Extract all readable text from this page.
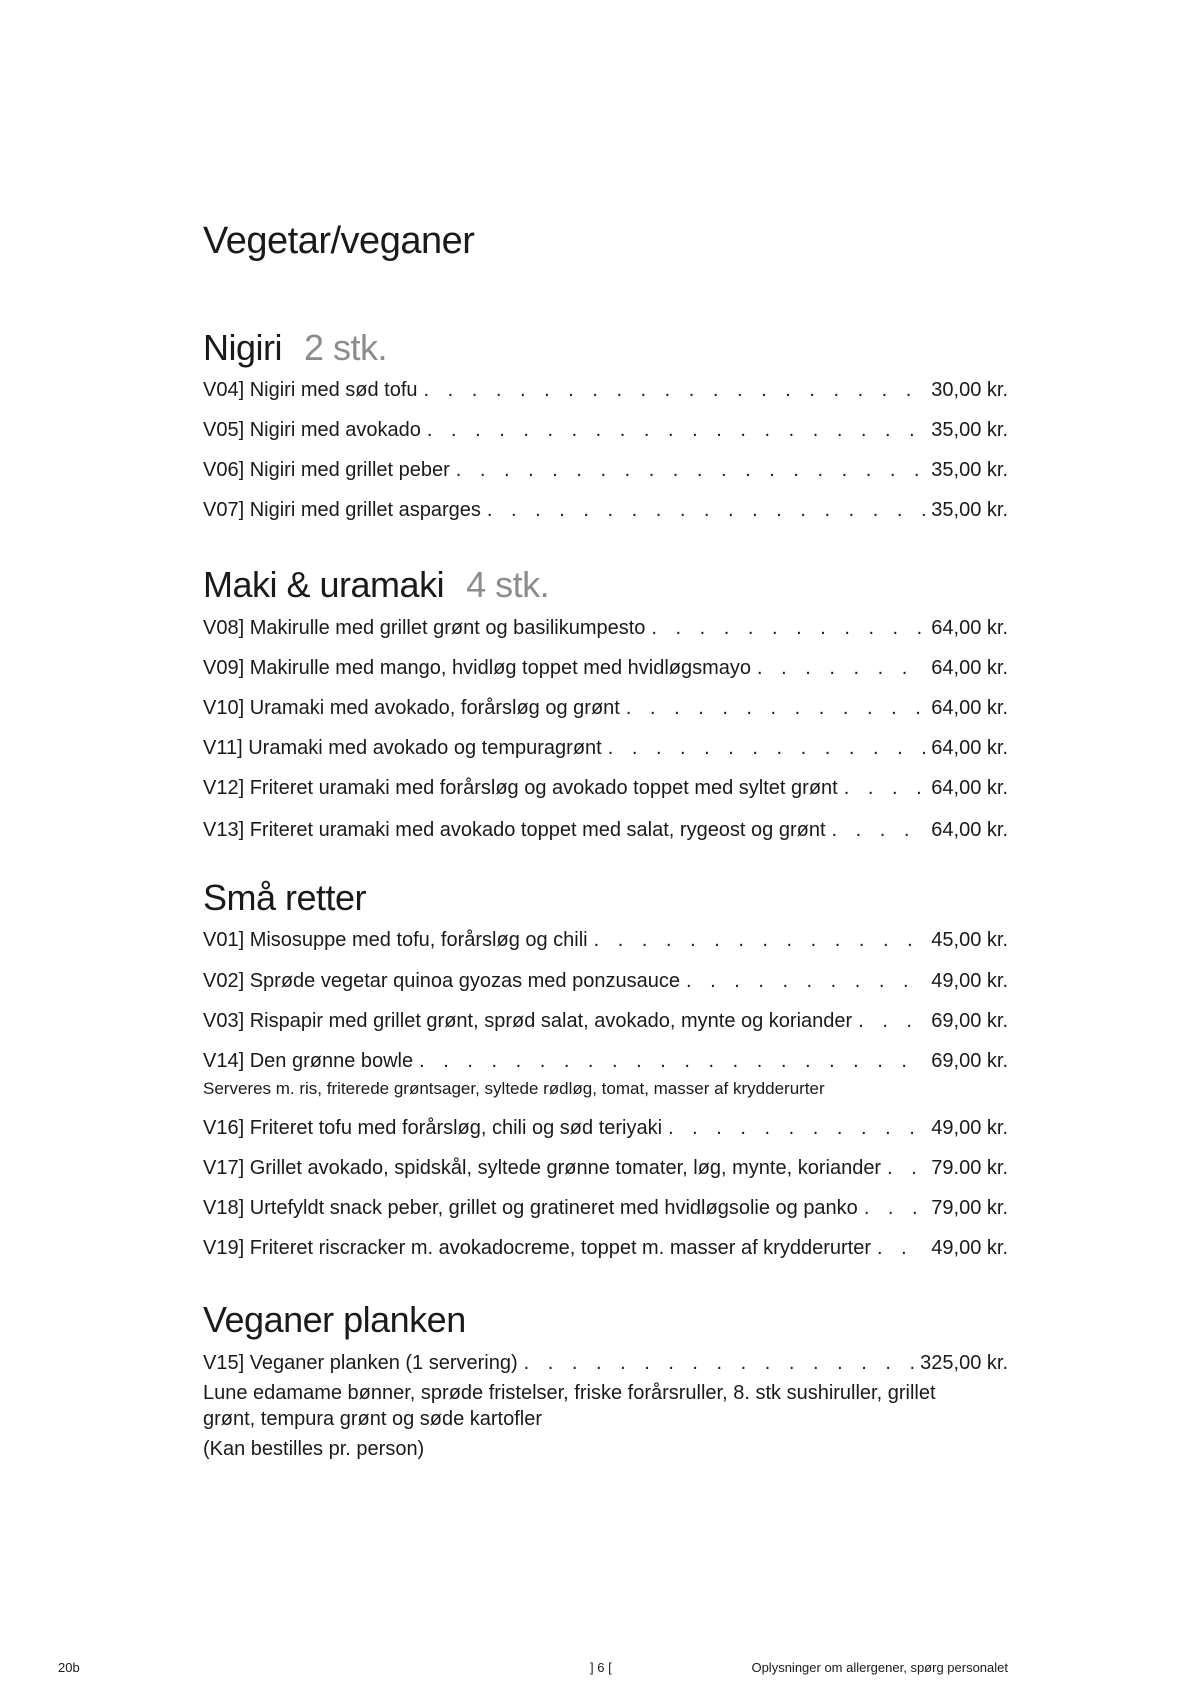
Vegetar/veganer
Nigiri 2 stk.
V04] Nigiri med sød tofu . . .	30,00 kr.
V05] Nigiri med avokado . . .	35,00 kr.
V06] Nigiri med grillet peber . . .	35,00 kr.
V07] Nigiri med grillet asparges . . .	35,00 kr.
Maki & uramaki 4 stk.
V08] Makirulle med grillet grønt og basilikumpesto . . .	64,00 kr.
V09] Makirulle med mango, hvidløg toppet med hvidløgsmayo . . .	64,00 kr.
V10] Uramaki med avokado, forårsløg og grønt . . .	64,00 kr.
V11] Uramaki med avokado og tempuragrønt . . .	64,00 kr.
V12] Friteret uramaki med forårsløg og avokado toppet med syltet grønt . . .	64,00 kr.
V13] Friteret uramaki med avokado toppet med salat, rygeost og grønt . . .	64,00 kr.
Små retter
V01] Misosuppe med tofu, forårsløg og chili . . .	45,00 kr.
V02] Sprøde vegetar quinoa gyozas med ponzusauce . . .	49,00 kr.
V03] Rispapir med grillet grønt, sprød salat, avokado, mynte og koriander . . .	69,00 kr.
V14] Den grønne bowle . . .	69,00 kr.
Serveres m. ris, friterede grøntsager, syltede rødløg, tomat, masser af krydderurter
V16] Friteret tofu med forårsløg, chili og sød teriyaki . . .	49,00 kr.
V17] Grillet avokado, spidskål, syltede grønne tomater, løg, mynte, koriander . . .	79.00 kr.
V18] Urtefyldt snack peber, grillet og gratineret med hvidløgsolie og panko . . .	79,00 kr.
V19] Friteret riscracker m. avokadocreme, toppet m. masser af krydderurter . . .	49,00 kr.
Veganer planken
V15] Veganer planken (1 servering) . . .	325,00 kr.
Lune edamame bønner, sprøde fristelser, friske forårsruller, 8. stk sushiruller, grillet grønt, tempura grønt og søde kartofler
(Kan bestilles pr. person)
20b	] 6 [	Oplysninger om allergener, spørg personalet
